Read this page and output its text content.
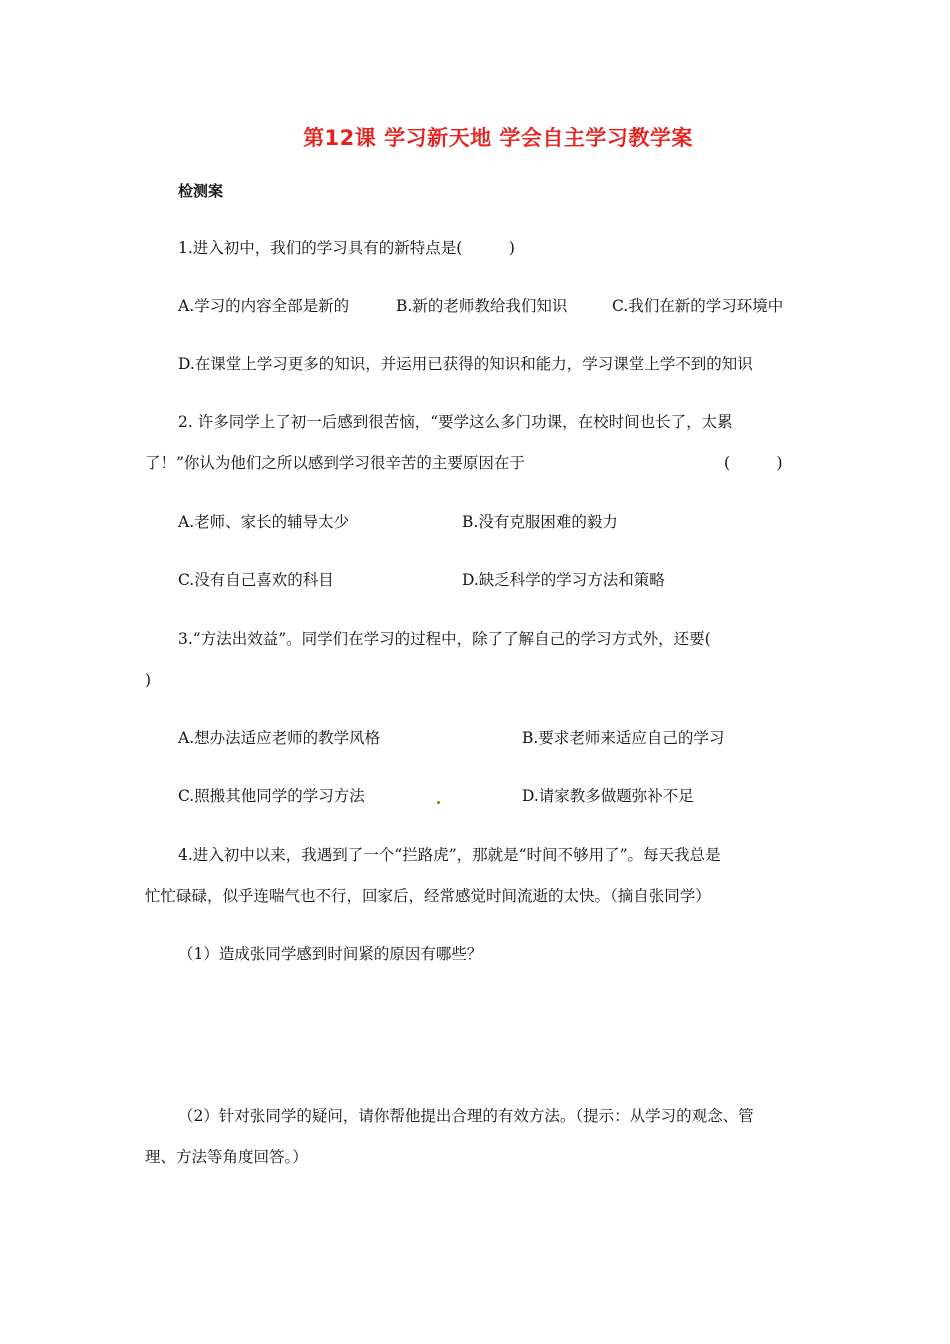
第12课 学习新天地 学会自主学习教学案
检测案
1.进入初中，我们的学习具有的新特点是(　　　)
A.学习的内容全部是新的	B.新的老师教给我们知识	C.我们在新的学习环境中
D.在课堂上学习更多的知识，并运用已获得的知识和能力，学习课堂上学不到的知识
2. 许多同学上了初一后感到很苦恼，“要学这么多门功课，在校时间也长了，太累
了！”你认为他们之所以感到学习很辛苦的主要原因在于	(　　　)
A.老师、家长的辅导太少	B.没有克服困难的毅力
C.没有自己喜欢的科目	D.缺乏科学的学习方法和策略
3.“方法出效益”。同学们在学习的过程中，除了了解自己的学习方式外，还要(
)
A.想办法适应老师的教学风格	B.要求老师来适应自己的学习
C.照搬其他同学的学习方法	D.请家教多做题弥补不足
4.进入初中以来，我遇到了一个“拦路虎”，那就是“时间不够用了”。每天我总是
忙忙碌碌，似乎连喘气也不行，回家后，经常感觉时间流逝的太快。（摘自张同学）
（1）造成张同学感到时间紧的原因有哪些？
（2）针对张同学的疑问，请你帮他提出合理的有效方法。（提示：从学习的观念、管
理、方法等角度回答。）
